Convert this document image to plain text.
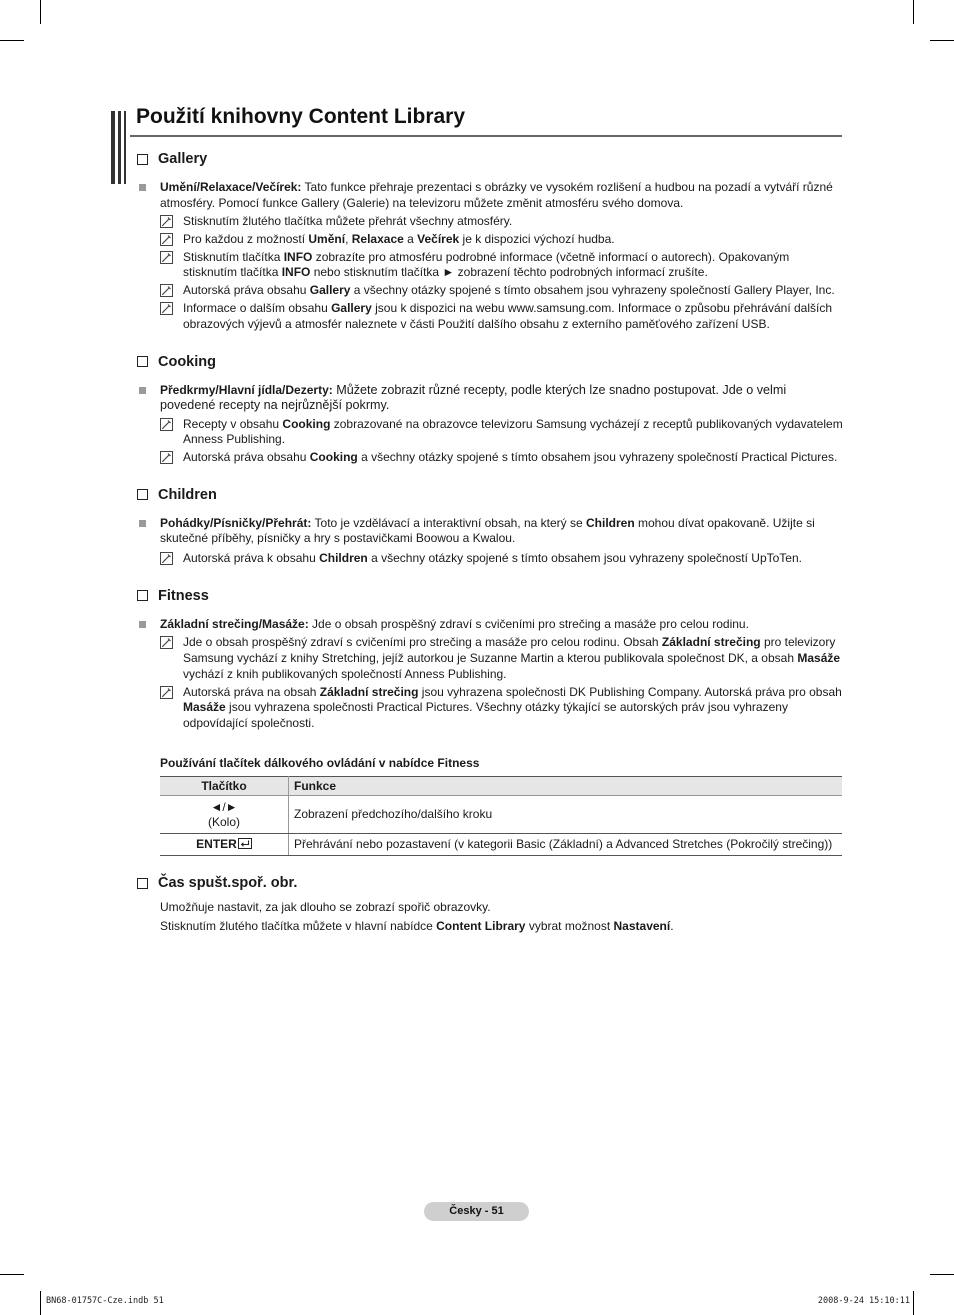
Použití knihovny Content Library
Gallery
Umění/Relaxace/Večírek: Tato funkce přehraje prezentaci s obrázky ve vysokém rozlišení a hudbou na pozadí a vytváří různé atmosféry. Pomocí funkce Gallery (Galerie) na televizoru můžete změnit atmosféru svého domova.
Stisknutím žlutého tlačítka můžete přehrát všechny atmosféry.
Pro každou z možností Umění, Relaxace a Večírek je k dispozici výchozí hudba.
Stisknutím tlačítka INFO zobrazíte pro atmosféru podrobné informace (včetně informací o autorech). Opakovaným stisknutím tlačítka INFO nebo stisknutím tlačítka ► zobrazení těchto podrobných informací zrušíte.
Autorská práva obsahu Gallery a všechny otázky spojené s tímto obsahem jsou vyhrazeny společností Gallery Player, Inc.
Informace o dalším obsahu Gallery jsou k dispozici na webu www.samsung.com. Informace o způsobu přehrávání dalších obrazových výjevů a atmosfér naleznete v části Použití dalšího obsahu z externího paměťového zařízení USB.
Cooking
Předkrmy/Hlavní jídla/Dezerty: Můžete zobrazit různé recepty, podle kterých lze snadno postupovat. Jde o velmi povedené recepty na nejrůznější pokrmy.
Recepty v obsahu Cooking zobrazované na obrazovce televizoru Samsung vycházejí z receptů publikovaných vydavatelem Anness Publishing.
Autorská práva obsahu Cooking a všechny otázky spojené s tímto obsahem jsou vyhrazeny společností Practical Pictures.
Children
Pohádky/Písničky/Přehrát: Toto je vzdělávací a interaktivní obsah, na který se Children mohou dívat opakovaně. Užijte si skutečné příběhy, písničky a hry s postavičkami Boowou a Kwalou.
Autorská práva k obsahu Children a všechny otázky spojené s tímto obsahem jsou vyhrazeny společností UpToTen.
Fitness
Základní strečing/Masáže: Jde o obsah prospěšný zdraví s cvičeními pro strečing a masáže pro celou rodinu.
Jde o obsah prospěšný zdraví s cvičeními pro strečing a masáže pro celou rodinu. Obsah Základní strečing pro televizory Samsung vychází z knihy Stretching, jejíž autorkou je Suzanne Martin a kterou publikovala společnost DK, a obsah Masáže vychází z knih publikovaných společností Anness Publishing.
Autorská práva na obsah Základní strečing jsou vyhrazena společnosti DK Publishing Company. Autorská práva pro obsah Masáže jsou vyhrazena společnosti Practical Pictures. Všechny otázky týkající se autorských práv jsou vyhrazeny odpovídající společnosti.
Používání tlačítek dálkového ovládání v nabídce Fitness
Tlačítko	Funkce

◄/►
(Kolo)	Zobrazení předchozího/dalšího kroku
ENTER	Přehrávání nebo pozastavení (v kategorii Basic (Základní) a Advanced Stretches (Pokročilý strečing))
Čas spušt.spoř. obr.
Umožňuje nastavit, za jak dlouho se zobrazí spořič obrazovky.
Stisknutím žlutého tlačítka můžete v hlavní nabídce Content Library vybrat možnost Nastavení.
Česky - 51
BN68-01757C-Cze.indb 51	2008-9-24 15:10:11
